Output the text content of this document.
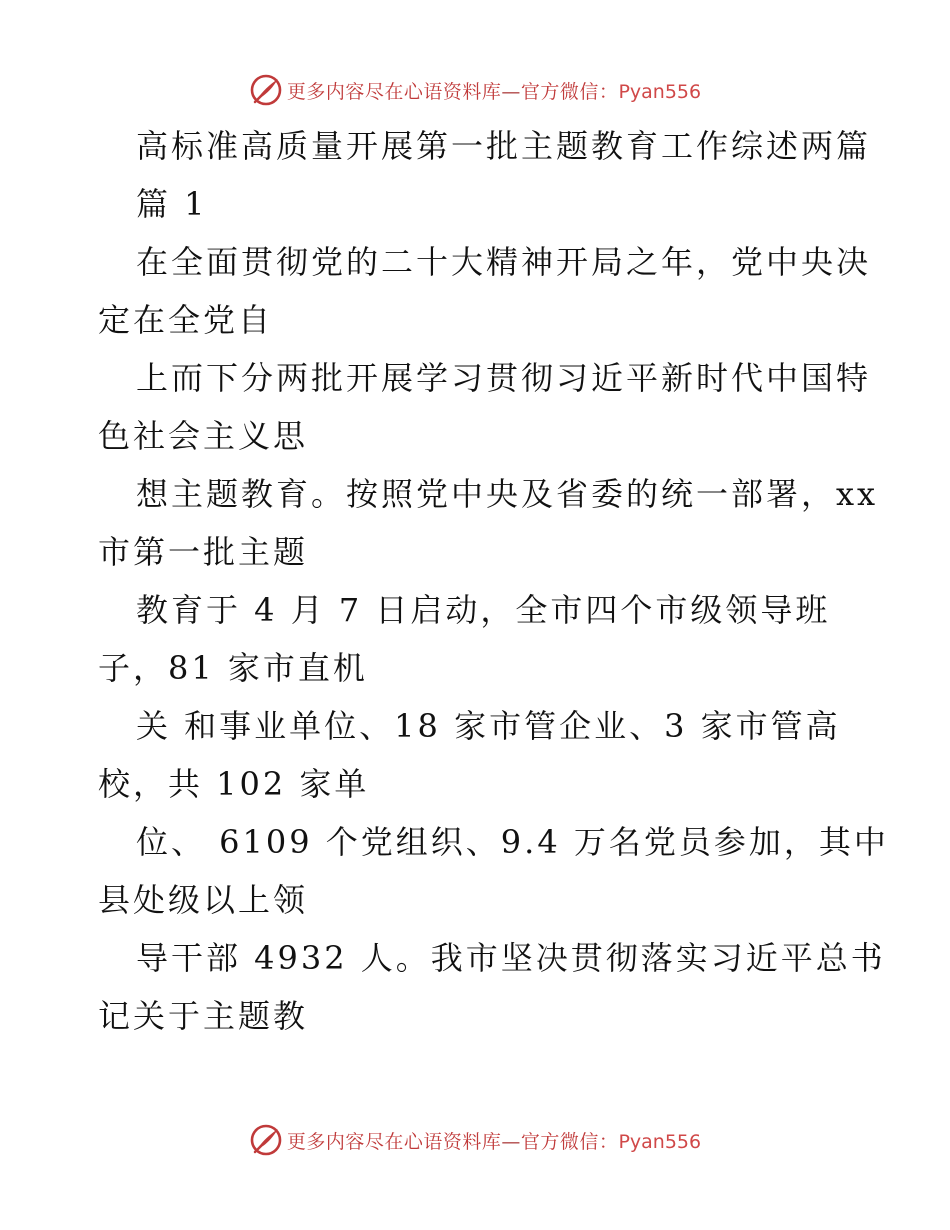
更多内容尽在心语资料库—官方微信：Pyan556
高标准高质量开展第一批主题教育工作综述两篇
篇 1
在全面贯彻党的二十大精神开局之年，党中央决
定在全党自
上而下分两批开展学习贯彻习近平新时代中国特
色社会主义思
想主题教育。按照党中央及省委的统一部署，xx
市第一批主题
教育于 4 月 7 日启动，全市四个市级领导班
子，81 家市直机
关 和事业单位、18 家市管企业、3 家市管高
校，共 102 家单
位、 6109 个党组织、9.4 万名党员参加，其中
县处级以上领
导干部 4932 人。我市坚决贯彻落实习近平总书
记关于主题教
更多内容尽在心语资料库—官方微信：Pyan556
